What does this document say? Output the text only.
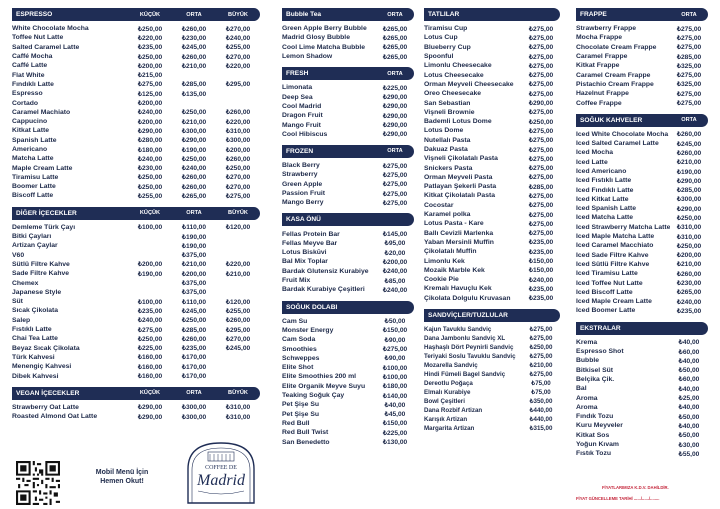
ESPRESSO	KÜÇÜK	ORTA	BÜYÜK
White Chocolate Mocha	₺250,00	₺260,00	₺270,00
Toffee Nut Latte	₺220,00	₺230,00	₺240,00
Salted Caramel Latte	₺235,00	₺245,00	₺255,00
Caffé Mocha	₺250,00	₺260,00	₺270,00
Caffé Latte	₺200,00	₺210,00	₺220,00
Flat White	₺215,00
Fındıklı Latte	₺275,00	₺285,00	₺295,00
Espresso	₺125,00	₺135,00
Cortado	₺200,00
Caramel Machiato	₺240,00	₺250,00	₺260,00
Cappucino	₺200,00	₺210,00	₺220,00
Kitkat Latte	₺290,00	₺300,00	₺310,00
Spanish Latte	₺280,00	₺290,00	₺300,00
Americano	₺180,00	₺190,00	₺200,00
Matcha Latte	₺240,00	₺250,00	₺260,00
Maple Cream Latte	₺230,00	₺240,00	₺250,00
Tiramisu Latte	₺250,00	₺260,00	₺270,00
Boomer Latte	₺250,00	₺260,00	₺270,00
Biscoff Latte	₺255,00	₺265,00	₺275,00
DİĞER İÇECEKLER	KÜÇÜK	ORTA	BÜYÜK
Demleme Türk Çayı	₺100,00	₺110,00	₺120,00
Bitki Çayları	₺190,00
Artizan Çaylar	₺190,00
V60	₺375,00
Sütlü Filtre Kahve	₺200,00	₺210,00	₺220,00
Sade Filtre Kahve	₺190,00	₺200,00	₺210,00
Chemex	₺375,00
Japanese Style	₺375,00
Süt	₺100,00	₺110,00	₺120,00
Sıcak Çikolata	₺235,00	₺245,00	₺255,00
Salep	₺240,00	₺250,00	₺260,00
Fıstıklı Latte	₺275,00	₺285,00	₺295,00
Chai Tea Latte	₺250,00	₺260,00	₺270,00
Beyaz Sıcak Çikolata	₺225,00	₺235,00	₺245,00
Türk Kahvesi	₺160,00	₺170,00
Menengiç Kahvesi	₺160,00	₺170,00
Dibek Kahvesi	₺160,00	₺170,00
VEGAN İÇECEKLER	KÜÇÜK	ORTA	BÜYÜK
Strawberry Oat Latte	₺290,00	₺300,00	₺310,00
Roasted Almond Oat Latte	₺290,00	₺300,00	₺310,00
Bubble Tea	ORTA
Green Apple Berry Bubble	₺265,00
Madrid Glosy Bubble	₺265,00
Cool Lime Matcha Bubble	₺265,00
Lemon Shadow	₺265,00
FRESH	ORTA
Limonata	₺225,00
Deep Sea	₺290,00
Cool Madrid	₺290,00
Dragon Fruit	₺290,00
Mango Fruit	₺290,00
Cool Hibiscus	₺290,00
FROZEN	ORTA
Black Berry	₺275,00
Strawberry	₺275,00
Green Apple	₺275,00
Passion Fruit	₺275,00
Mango Berry	₺275,00
KASA ÖNÜ
Fellas Protein Bar	₺145,00
Fellas Meyve Bar	₺95,00
Lotus Biskūvi	₺20,00
Bal Mix Toplar	₺200,00
Bardak Glutensiz Kurabiye	₺240,00
Fruit Mix	₺85,00
Bardak Kurabiye Çeşitleri	₺240,00
SOĞUK DOLABI
Cam Su	₺50,00
Monster Energy	₺150,00
Cam Soda	₺90,00
Smoothies	₺275,00
Schweppes	₺90,00
Elite Shot	₺100,00
Elite Smoothies 200 ml	₺100,00
Elite Organik Meyve Suyu	₺180,00
Teaking Soğuk Çay	₺140,00
Pet Şişe Su	₺40,00
Pet Şişe Su	₺45,00
Red Bull	₺150,00
Red Bull Twist	₺225,00
San Benedetto	₺130,00
TATLILAR
Tiramisu Cup	₺275,00
Lotus Cup	₺275,00
Blueberry Cup	₺275,00
Spoonful	₺275,00
Limonlu Cheesecake	₺275,00
Lotus Cheesecake	₺275,00
Orman Meyveli Cheesecake	₺275,00
Oreo Cheesecake	₺275,00
San Sebastian	₺290,00
Vişneli Brownie	₺275,00
Bademli Lotus Dome	₺250,00
Lotus Dome	₺275,00
Nutellalı Pasta	₺275,00
Dakuaz Pasta	₺275,00
Vişneli Çikolatalı Pasta	₺275,00
Snickers Pasta	₺275,00
Orman Meyveli Pasta	₺275,00
Patlayan Şekerli Pasta	₺285,00
Kitkat Çikolatalı Pasta	₺275,00
Cocostar	₺275,00
Karamel polka	₺275,00
Lotus Pasta - Kare	₺275,00
Ballı Cevizli Marlenka	₺275,00
Yaban Mersinli Muffin	₺235,00
Çikolatalı Muffin	₺235,00
Limonlu Kek	₺150,00
Mozaik Marble Kek	₺150,00
Cookie Pie	₺240,00
Kremalı Havuçlu Kek	₺235,00
Çikolata Dolgulu Kruvasan	₺235,00
SANDVİÇLER/TUZLULAR
Kajun Tavuklu Sandviç	₺275,00
Dana Jambonlu Sandviç XL	₺275,00
Haşhaşlı Dört Peynirli Sandviç	₺250,00
Teriyaki Soslu Tavuklu Sandviç	₺275,00
Mozarella Sandviç	₺210,00
Hindi Fümeli Bagel Sandviç	₺275,00
Dereotlu Poğaça	₺75,00
Elmalı Kurabiye	₺75,00
Bowl Çeşitleri	₺350,00
Dana Rozbif Artizan	₺440,00
Karışık Artizan	₺440,00
Margarita Artizan	₺315,00
FRAPPE	ORTA
Strawberry Frappe	₺275,00
Mocha Frappe	₺275,00
Chocolate Cream Frappe	₺275,00
Caramel Frappe	₺285,00
Kitkat Frappe	₺325,00
Caramel Cream Frappe	₺275,00
Pistachio Cream Frappe	₺325,00
Hazelnut Frappe	₺275,00
Coffee Frappe	₺275,00
SOĞUK KAHVELER	ORTA
Iced White Chocolate Mocha	₺260,00
Iced Salted Caramel Latte	₺245,00
Iced Mocha	₺260,00
Iced Latte	₺210,00
Iced Americano	₺190,00
Iced Fıstıklı Latte	₺290,00
Iced Fındıklı Latte	₺285,00
Iced Kitkat Latte	₺300,00
Iced Spanish Latte	₺290,00
Iced Matcha Latte	₺250,00
Iced Strawberry Matcha Latte ₺310,00
Iced Maple Matcha Latte	₺310,00
Iced Caramel Macchiato	₺250,00
Iced Sade Filtre Kahve	₺200,00
Iced Sütlü Filtre Kahve	₺210,00
Iced Tiramisu Latte	₺260,00
Iced Toffee Nut Latte	₺230,00
Iced Biscoff Latte	₺265,00
Iced Maple Cream Latte	₺240,00
Iced Boomer Latte	₺235,00
EKSTRALAR
Krema	₺40,00
Espresso Shot	₺60,00
Bubble	₺40,00
Bitkisel Süt	₺50,00
Belçika Çik.	₺60,00
Bal	₺40,00
Aroma	₺25,00
Aroma	₺40,00
Fındık Tozu	₺50,00
Kuru Meyveler	₺40,00
Kitkat Sos	₺50,00
Yoğun Kıvam	₺30,00
Fıstık Tozu	₺55,00
Mobil Menü İçin
Hemen Okut!
COFFEE DE
Madrid	FİYATLARIMIZA K.D.V. DAHİLDİR.
FİYAT GÜNCELLEME TARİHİ ....../....../........
